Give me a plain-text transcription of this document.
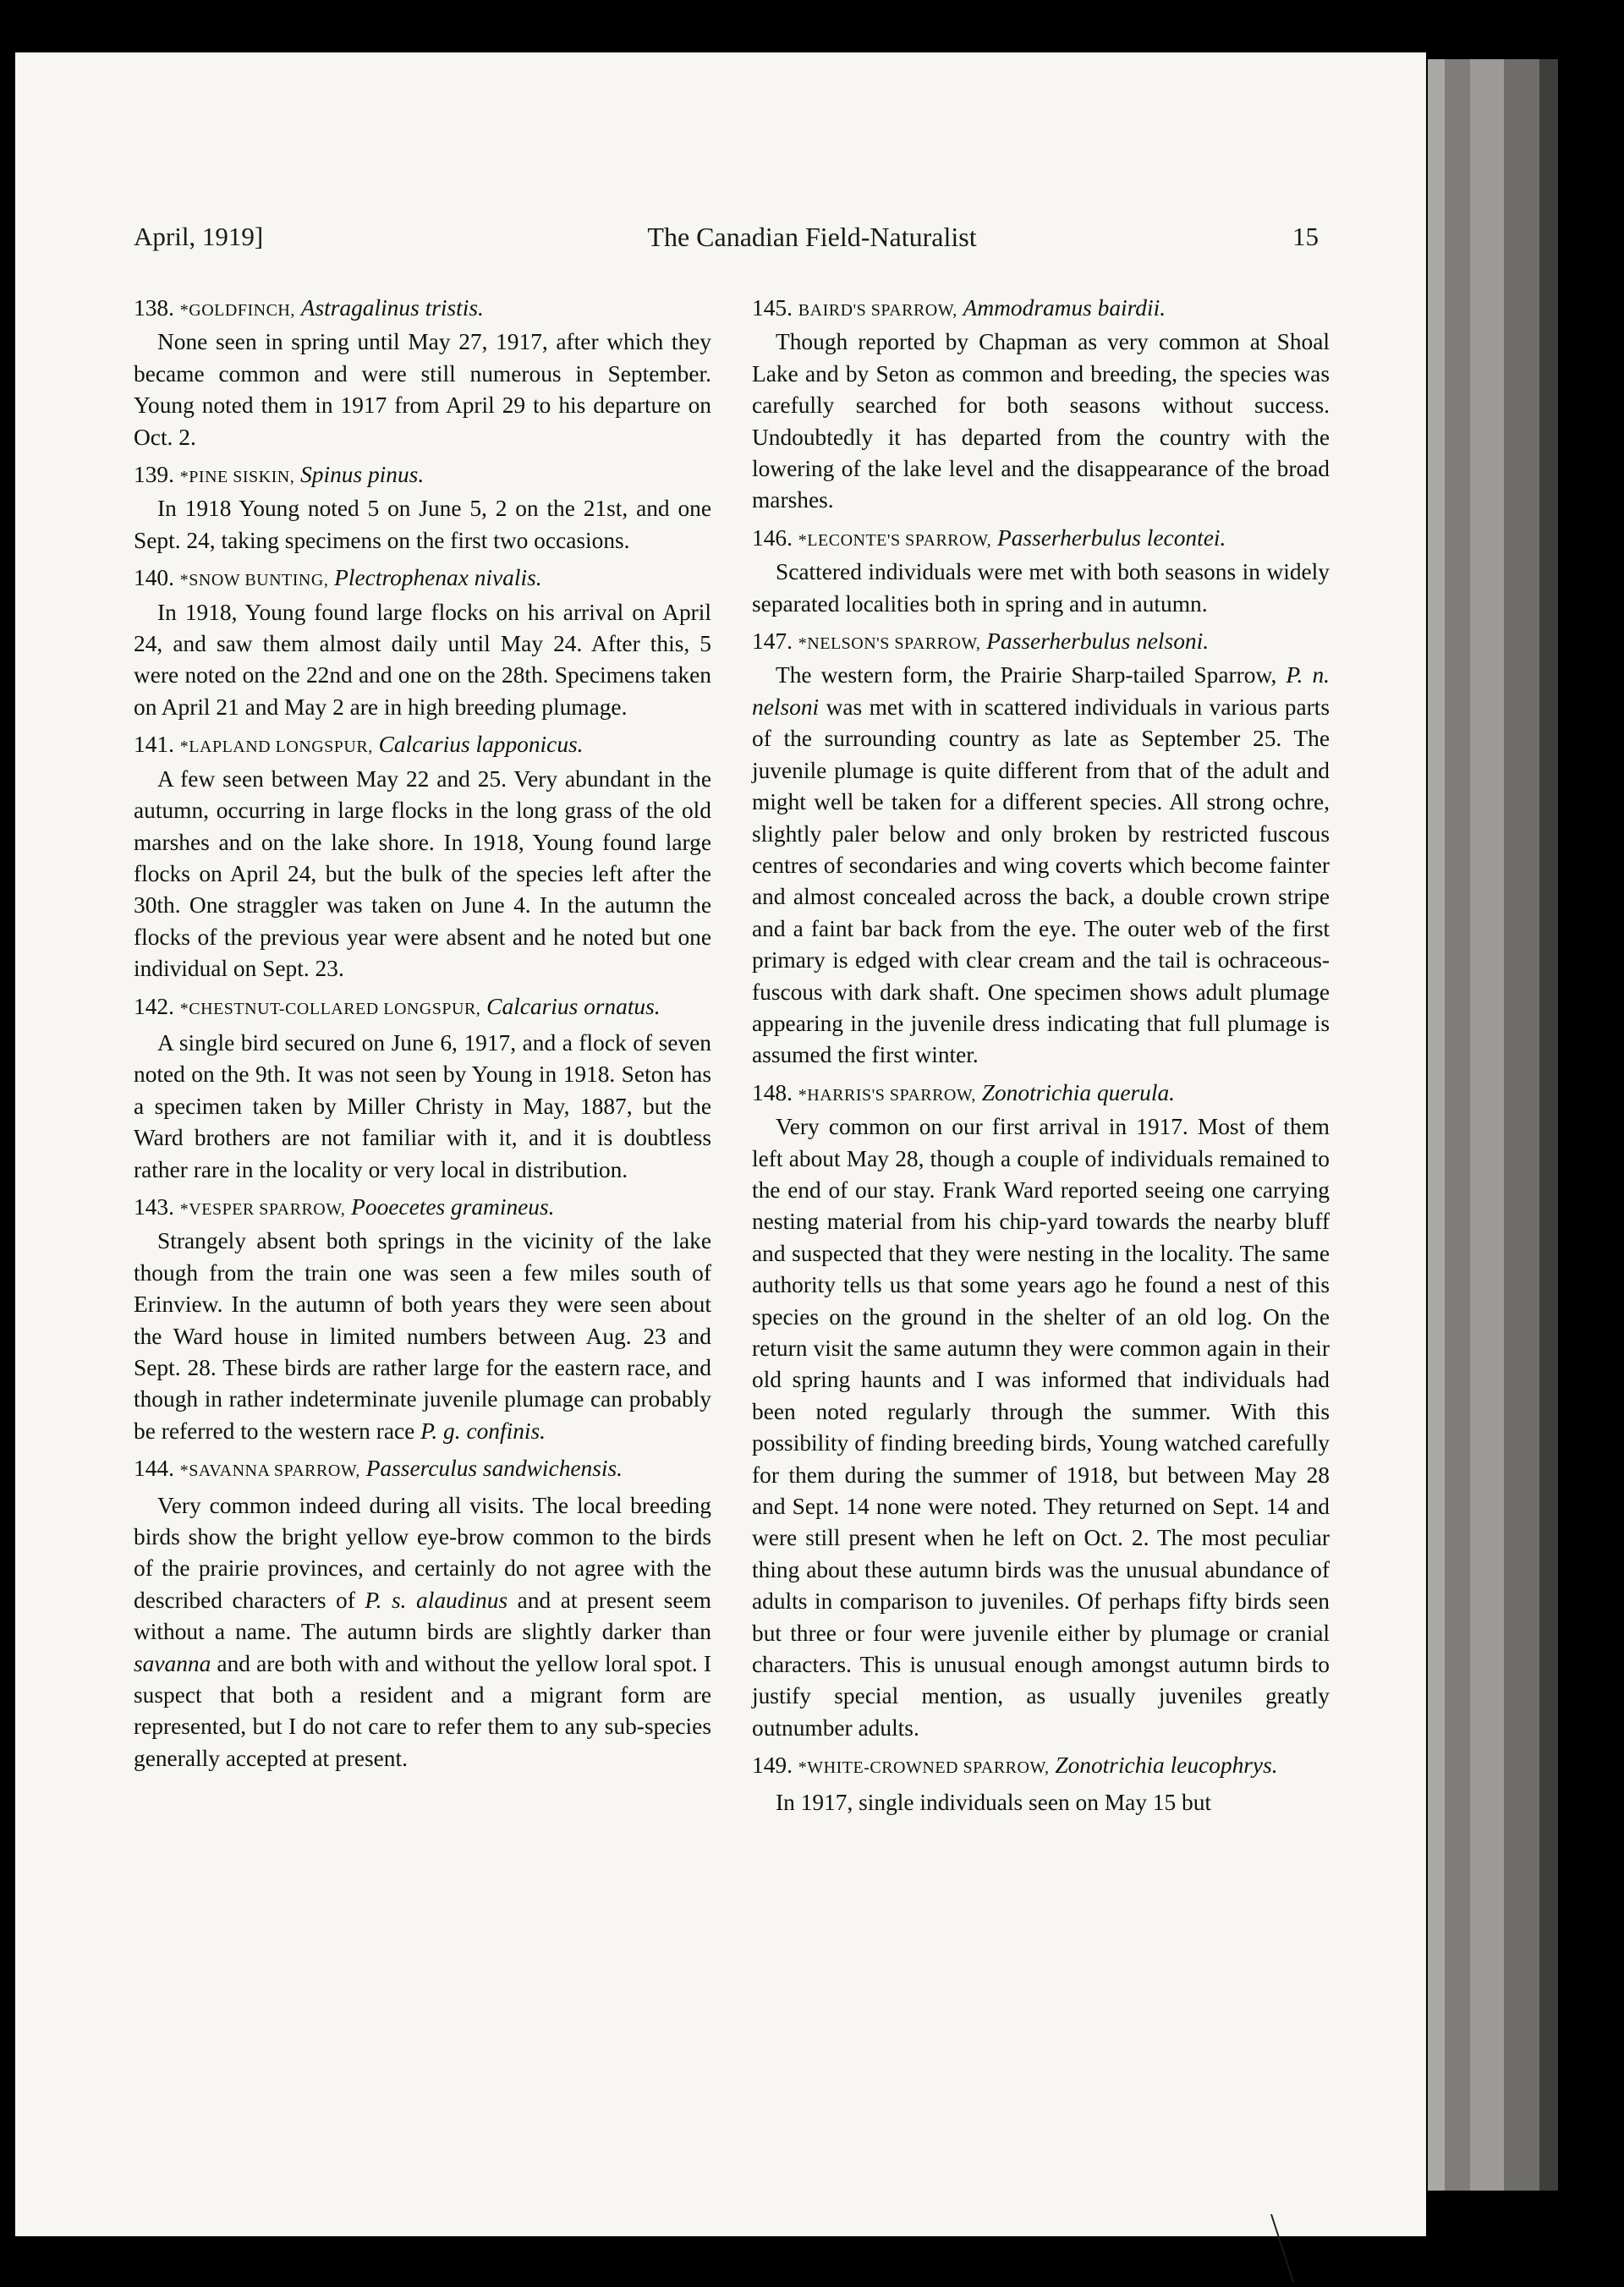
April, 1919]	The Canadian Field-Naturalist	15

138. *GOLDFINCH, Astragalinus tristis.

None seen in spring until May 27, 1917, after which they became common and were still numerous in September. Young noted them in 1917 from April 29 to his departure on Oct. 2.

139. *PINE SISKIN, Spinus pinus.

In 1918 Young noted 5 on June 5, 2 on the 21st, and one Sept. 24, taking specimens on the first two occasions.

140. *SNOW BUNTING, Plectrophenax nivalis.

In 1918, Young found large flocks on his arrival on April 24, and saw them almost daily until May 24. After this, 5 were noted on the 22nd and one on the 28th. Specimens taken on April 21 and May 2 are in high breeding plumage.

141. *LAPLAND LONGSPUR, Calcarius lapponicus.

A few seen between May 22 and 25. Very abundant in the autumn, occurring in large flocks in the long grass of the old marshes and on the lake shore. In 1918, Young found large flocks on April 24, but the bulk of the species left after the 30th. One straggler was taken on June 4. In the autumn the flocks of the previous year were absent and he noted but one individual on Sept. 23.

142. *CHESTNUT-COLLARED LONGSPUR, Calcarius ornatus.

A single bird secured on June 6, 1917, and a flock of seven noted on the 9th. It was not seen by Young in 1918. Seton has a specimen taken by Miller Christy in May, 1887, but the Ward brothers are not familiar with it, and it is doubtless rather rare in the locality or very local in distribution.

143. *VESPER SPARROW, Pooecetes gramineus.

Strangely absent both springs in the vicinity of the lake though from the train one was seen a few miles south of Erinview. In the autumn of both years they were seen about the Ward house in limited numbers between Aug. 23 and Sept. 28. These birds are rather large for the eastern race, and though in rather indeterminate juvenile plumage can probably be referred to the western race P. g. confinis.

144. *SAVANNA SPARROW, Passerculus sandwichensis.

Very common indeed during all visits. The local breeding birds show the bright yellow eye-brow common to the birds of the prairie provinces, and certainly do not agree with the described characters of P. s. alaudinus and at present seem without a name. The autumn birds are slightly darker than savanna and are both with and without the yellow loral spot. I suspect that both a resident and a migrant form are represented, but I do not care to refer them to any sub-species generally accepted at present.

145. BAIRD'S SPARROW, Ammodramus bairdii.

Though reported by Chapman as very common at Shoal Lake and by Seton as common and breeding, the species was carefully searched for both seasons without success. Undoubtedly it has departed from the country with the lowering of the lake level and the disappearance of the broad marshes.

146. *LECONTE'S SPARROW, Passerherbulus lecontei.

Scattered individuals were met with both seasons in widely separated localities both in spring and in autumn.

147. *NELSON'S SPARROW, Passerherbulus nelsoni.

The western form, the Prairie Sharp-tailed Sparrow, P. n. nelsoni was met with in scattered individuals in various parts of the surrounding country as late as September 25. The juvenile plumage is quite different from that of the adult and might well be taken for a different species. All strong ochre, slightly paler below and only broken by restricted fuscous centres of secondaries and wing coverts which become fainter and almost concealed across the back, a double crown stripe and a faint bar back from the eye. The outer web of the first primary is edged with clear cream and the tail is ochraceous-fuscous with dark shaft. One specimen shows adult plumage appearing in the juvenile dress indicating that full plumage is assumed the first winter.

148. *HARRIS'S SPARROW, Zonotrichia querula.

Very common on our first arrival in 1917. Most of them left about May 28, though a couple of individuals remained to the end of our stay. Frank Ward reported seeing one carrying nesting material from his chip-yard towards the nearby bluff and suspected that they were nesting in the locality. The same authority tells us that some years ago he found a nest of this species on the ground in the shelter of an old log. On the return visit the same autumn they were common again in their old spring haunts and I was informed that individuals had been noted regularly through the summer. With this possibility of finding breeding birds, Young watched carefully for them during the summer of 1918, but between May 28 and Sept. 14 none were noted. They returned on Sept. 14 and were still present when he left on Oct. 2. The most peculiar thing about these autumn birds was the unusual abundance of adults in comparison to juveniles. Of perhaps fifty birds seen but three or four were juvenile either by plumage or cranial characters. This is unusual enough amongst autumn birds to justify special mention, as usually juveniles greatly outnumber adults.

149. *WHITE-CROWNED SPARROW, Zonotrichia leucophrys.

In 1917, single individuals seen on May 15 but
